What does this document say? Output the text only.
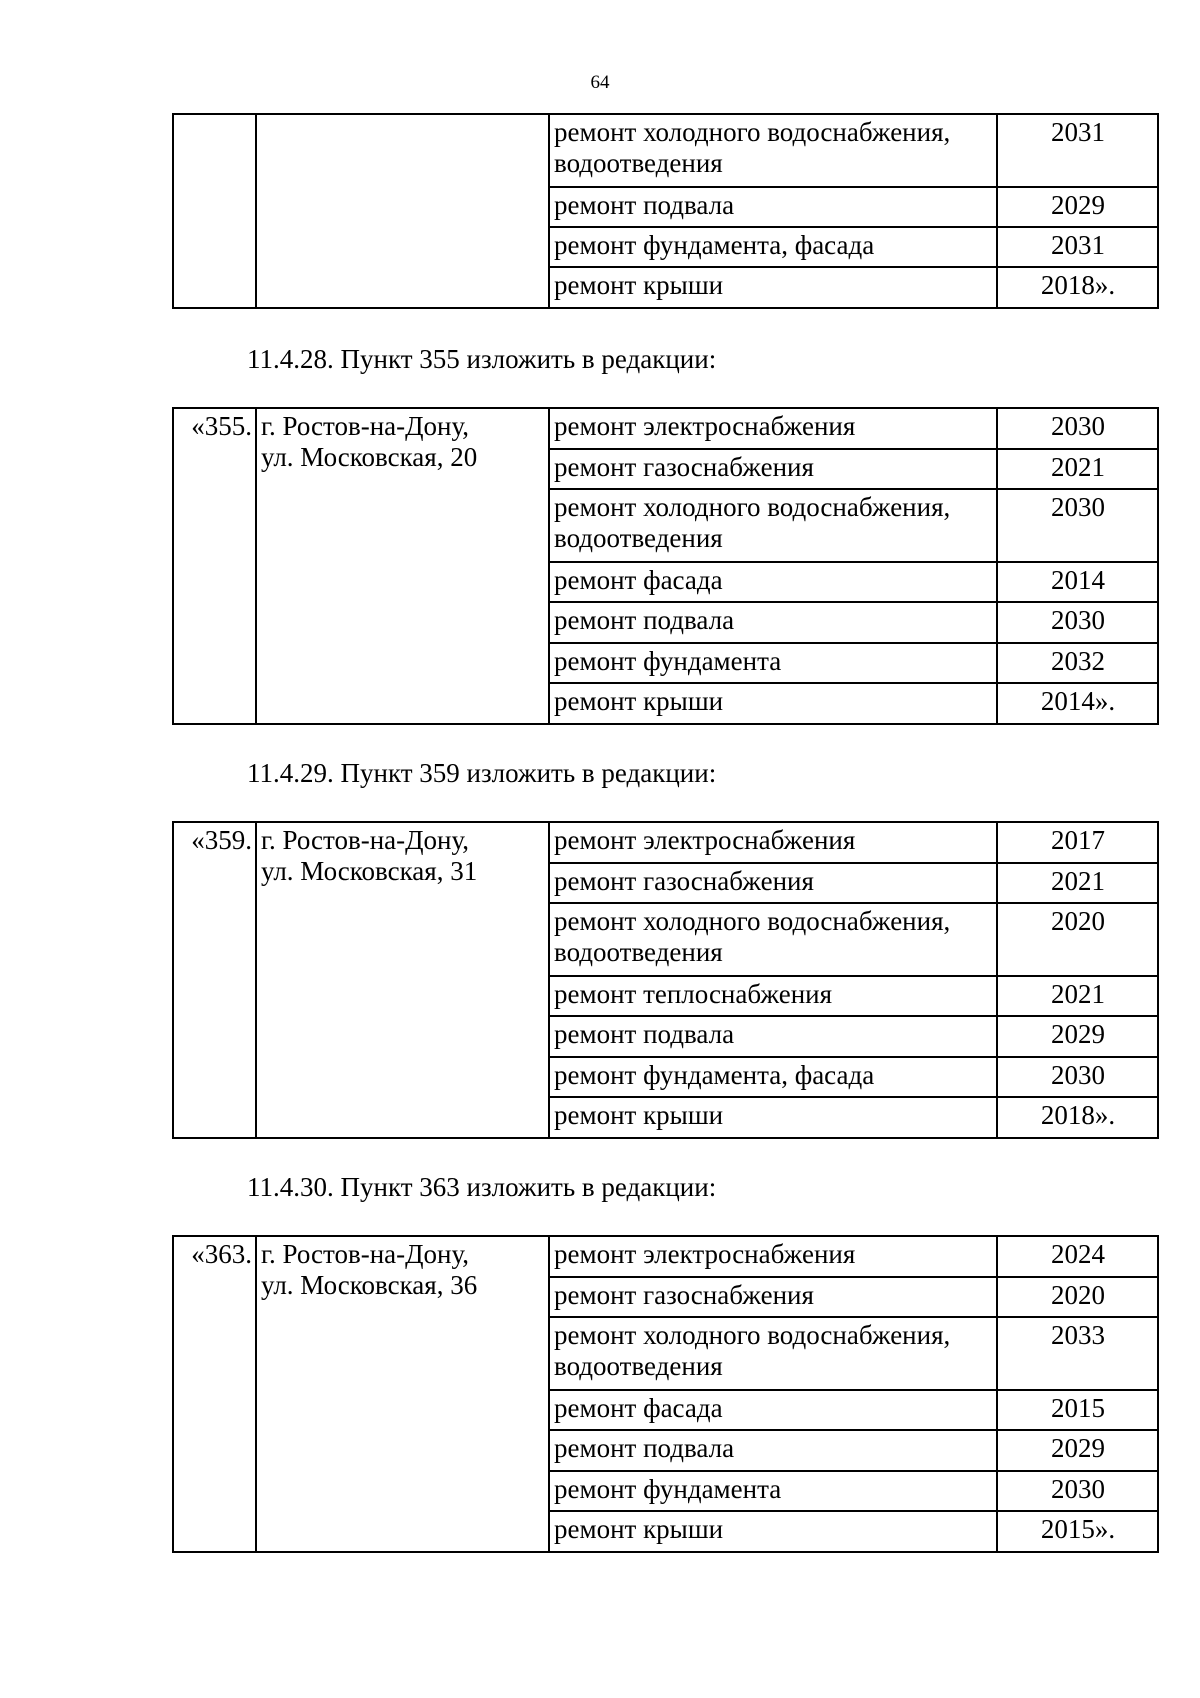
64
		ремонт холодного водоснабжения,
водоотведения	2031
		ремонт подвала	2029
		ремонт фундамента, фасада	2031
		ремонт крыши	2018».
11.4.28. Пункт 355 изложить в редакции:
«355.	г. Ростов-на-Дону,
ул. Московская, 20	ремонт электроснабжения	2030
		ремонт газоснабжения	2021
		ремонт холодного водоснабжения,
водоотведения	2030
		ремонт фасада	2014
		ремонт подвала	2030
		ремонт фундамента	2032
		ремонт крыши	2014».
11.4.29. Пункт 359 изложить в редакции:
«359.	г. Ростов-на-Дону,
ул. Московская, 31	ремонт электроснабжения	2017
		ремонт газоснабжения	2021
		ремонт холодного водоснабжения,
водоотведения	2020
		ремонт теплоснабжения	2021
		ремонт подвала	2029
		ремонт фундамента, фасада	2030
		ремонт крыши	2018».
11.4.30. Пункт 363 изложить в редакции:
«363.	г. Ростов-на-Дону,
ул. Московская, 36	ремонт электроснабжения	2024
		ремонт газоснабжения	2020
		ремонт холодного водоснабжения,
водоотведения	2033
		ремонт фасада	2015
		ремонт подвала	2029
		ремонт фундамента	2030
		ремонт крыши	2015».
